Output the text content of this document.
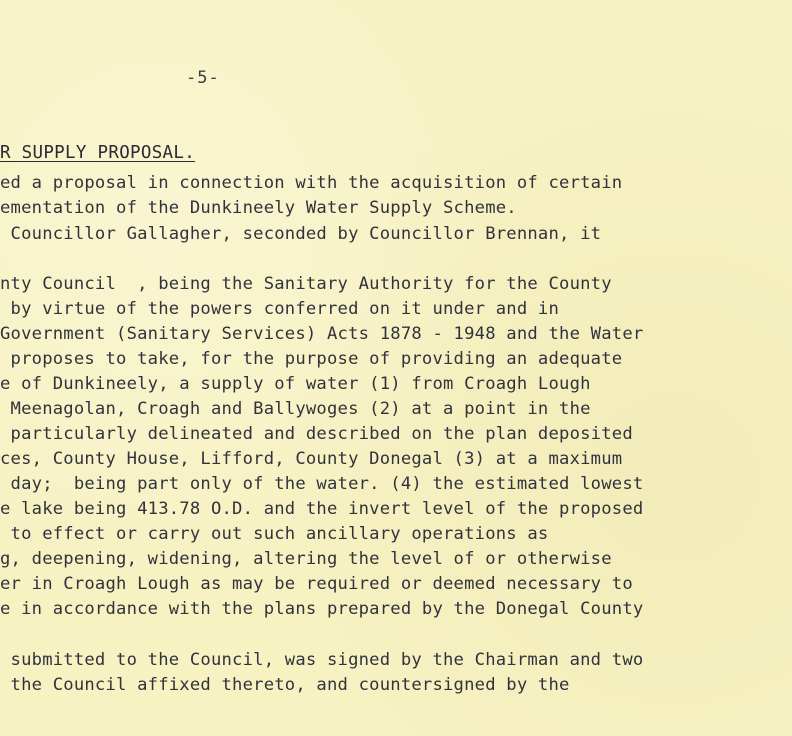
-5-
R SUPPLY PROPOSAL.
ed a proposal in connection with the acquisition of certain
ementation of the Dunkineely Water Supply Scheme.
Councillor Gallagher, seconded by Councillor Brennan, it
nty Council  , being the Sanitary Authority for the County
by virtue of the powers conferred on it under and in
Government (Sanitary Services) Acts 1878 - 1948 and the Water
proposes to take, for the purpose of providing an adequate
e of Dunkineely, a supply of water (1) from Croagh Lough
Meenagolan, Croagh and Ballywoges (2) at a point in the
particularly delineated and described on the plan deposited
ces, County House, Lifford, County Donegal (3) at a maximum
day;  being part only of the water. (4) the estimated lowest
e lake being 413.78 O.D. and the invert level of the proposed
to effect or carry out such ancillary operations as
g, deepening, widening, altering the level of or otherwise
er in Croagh Lough as may be required or deemed necessary to
e in accordance with the plans prepared by the Donegal County
submitted to the Council, was signed by the Chairman and two
the Council affixed thereto, and countersigned by the
